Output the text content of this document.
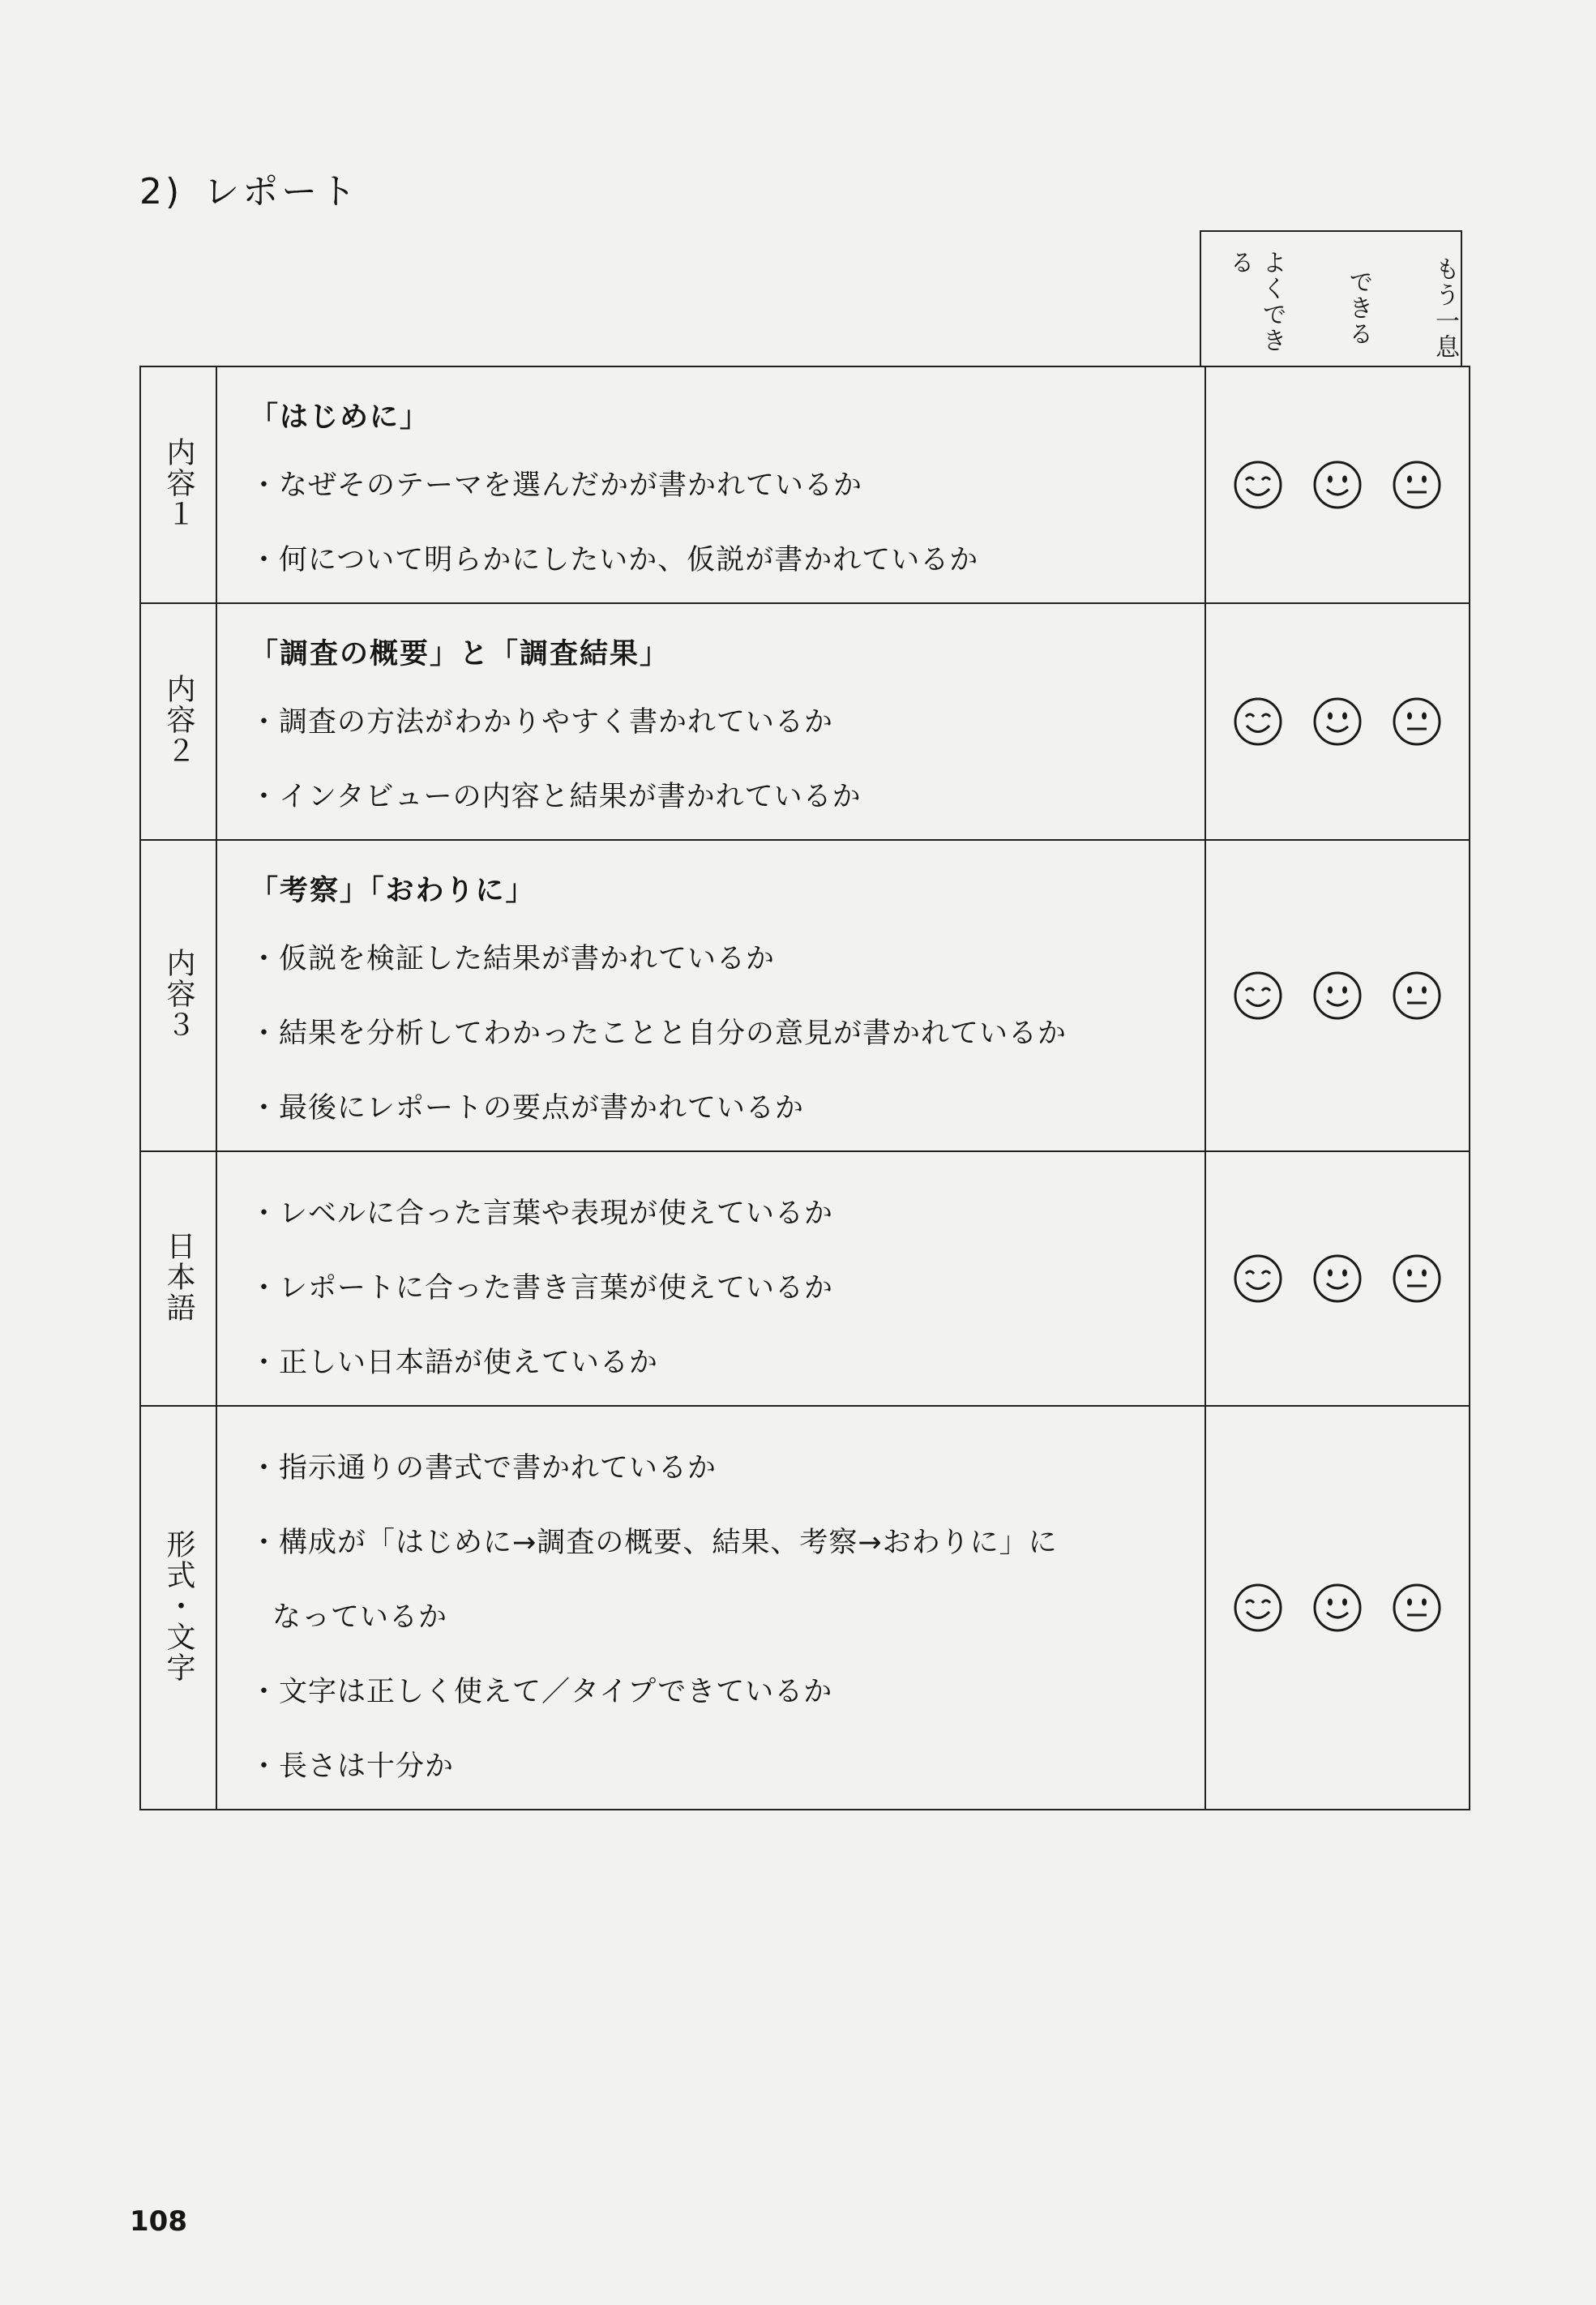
2) レポート
よくできる
できる	もう一息
内容１	「はじめに」
・なぜそのテーマを選んだかが書かれているか
・何について明らかにしたいか、仮説が書かれているか

内容２	「調査の概要」と「調査結果」
・調査の方法がわかりやすく書かれているか
・インタビューの内容と結果が書かれているか

内容３	「考察」「おわりに」
・仮説を検証した結果が書かれているか
・結果を分析してわかったことと自分の意見が書かれているか
・最後にレポートの要点が書かれているか

日本語	・レベルに合った言葉や表現が使えているか
・レポートに合った書き言葉が使えているか
・正しい日本語が使えているか

形式・文字	・指示通りの書式で書かれているか
・構成が「はじめに→調査の概要、結果、考察→おわりに」に
なっているか
・文字は正しく使えて／タイプできているか
・長さは十分か

108
